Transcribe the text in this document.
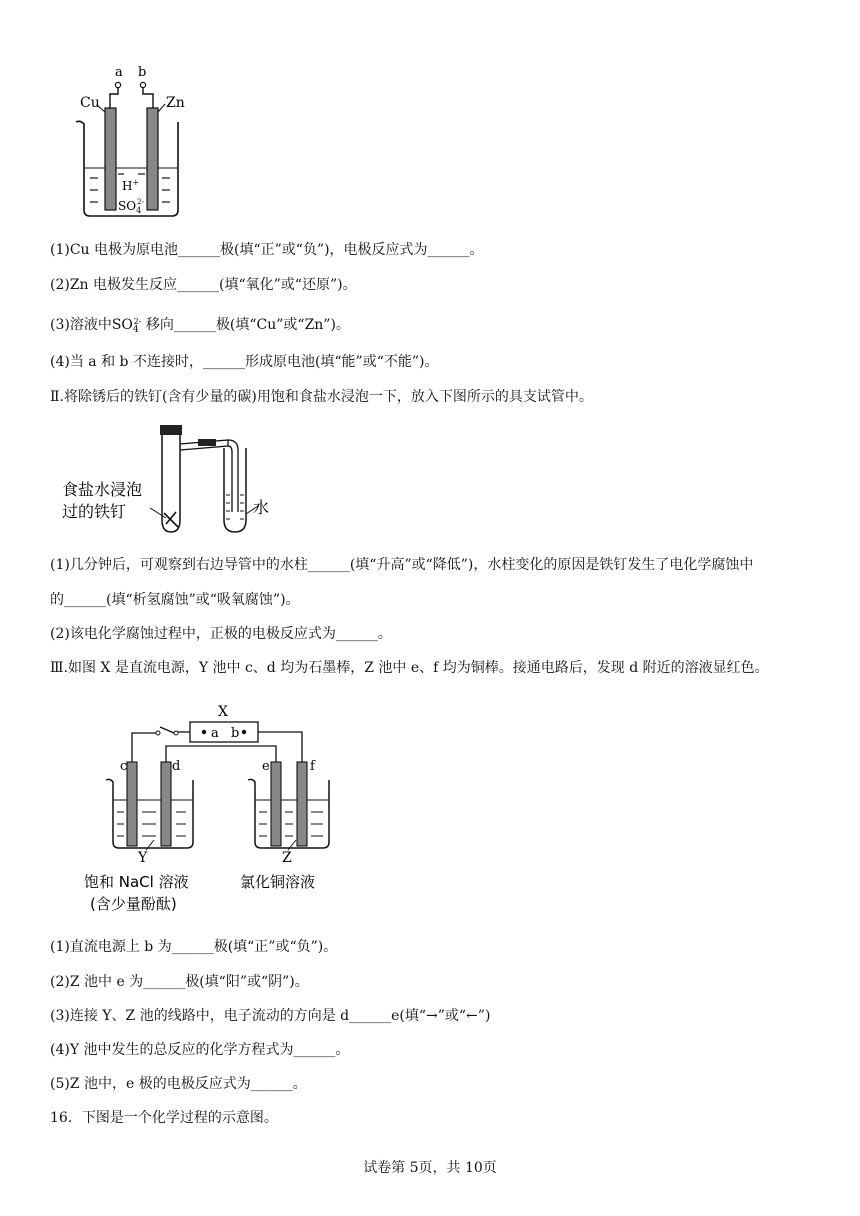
a b
Cu	Zn
H+
$SO_42-$
(1)Cu 电极为原电池______极(填“正”或“负”)，电极反应式为______。
(2)Zn 电极发生反应______(填“氧化”或“还原”)。
(3)溶液中$SO_4^{2-}$ 移向______极(填“Cu”或“Zn”)。
(4)当 a 和 b 不连接时，______形成原电池(填“能”或“不能”)。
Ⅱ.将除锈后的铁钉(含有少量的碳)用饱和食盐水浸泡一下，放入下图所示的具支试管中。
食盐水浸泡
过的铁钉	水
(1)几分钟后，可观察到右边导管中的水柱______(填“升高”或“降低”)，水柱变化的原因是铁钉发生了电化学腐蚀中
的______(填“析氢腐蚀”或“吸氧腐蚀”)。
(2)该电化学腐蚀过程中，正极的电极反应式为______。
Ⅲ.如图 X 是直流电源，Y 池中 c、d 均为石墨棒，Z 池中 e、f 均为铜棒。接通电路后，发现 d 附近的溶液显红色。
X
a b
c	d	e	f
Y	Z
饱和 NaCl 溶液
(含少量酚酞)
氯化铜溶液
(1)直流电源上 b 为______极(填“正”或“负”)。
(2)Z 池中 e 为______极(填“阳”或“阴”)。
(3)连接 Y、Z 池的线路中，电子流动的方向是 d______e(填“→”或“←”)
(4)Y 池中发生的总反应的化学方程式为______。
(5)Z 池中，e 极的电极反应式为______。
16．下图是一个化学过程的示意图。
试卷第 5页，共 10页
